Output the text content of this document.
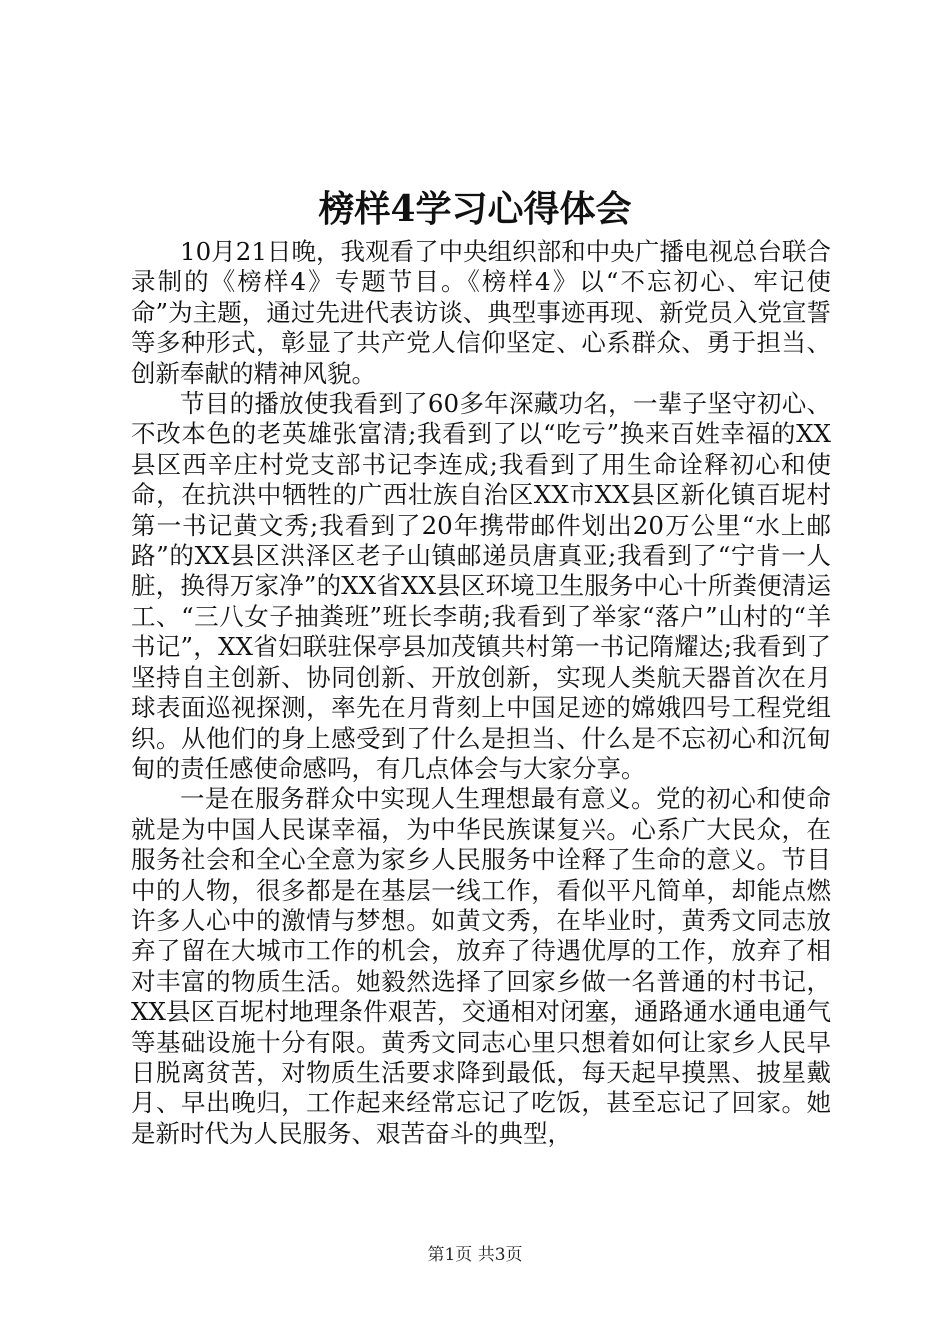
榜样4学习心得体会

10月21日晚，我观看了中央组织部和中央广播电视总台联合录制的《榜样4》专题节目。《榜样4》以“不忘初心、牢记使命”为主题，通过先进代表访谈、典型事迹再现、新党员入党宣誓等多种形式，彰显了共产党人信仰坚定、心系群众、勇于担当、创新奉献的精神风貌。

节目的播放使我看到了60多年深藏功名，一辈子坚守初心、不改本色的老英雄张富清;我看到了以“吃亏”换来百姓幸福的XX县区西辛庄村党支部书记李连成;我看到了用生命诠释初心和使命，在抗洪中牺牲的广西壮族自治区XX市XX县区新化镇百坭村第一书记黄文秀;我看到了20年携带邮件划出20万公里“水上邮路”的XX县区洪泽区老子山镇邮递员唐真亚;我看到了“宁肯一人脏，换得万家净”的XX省XX县区环境卫生服务中心十所粪便清运工、“三八女子抽粪班”班长李萌;我看到了举家“落户”山村的“羊书记”，XX省妇联驻保亭县加茂镇共村第一书记隋耀达;我看到了坚持自主创新、协同创新、开放创新，实现人类航天器首次在月球表面巡视探测，率先在月背刻上中国足迹的嫦娥四号工程党组织。从他们的身上感受到了什么是担当、什么是不忘初心和沉甸甸的责任感使命感吗，有几点体会与大家分享。

一是在服务群众中实现人生理想最有意义。党的初心和使命就是为中国人民谋幸福，为中华民族谋复兴。心系广大民众，在服务社会和全心全意为家乡人民服务中诠释了生命的意义。节目中的人物，很多都是在基层一线工作，看似平凡简单，却能点燃许多人心中的激情与梦想。如黄文秀，在毕业时，黄秀文同志放弃了留在大城市工作的机会，放弃了待遇优厚的工作，放弃了相对丰富的物质生活。她毅然选择了回家乡做一名普通的村书记，XX县区百坭村地理条件艰苦，交通相对闭塞，通路通水通电通气等基础设施十分有限。黄秀文同志心里只想着如何让家乡人民早日脱离贫苦，对物质生活要求降到最低，每天起早摸黑、披星戴月、早出晚归，工作起来经常忘记了吃饭，甚至忘记了回家。她是新时代为人民服务、艰苦奋斗的典型，

第1页 共3页
